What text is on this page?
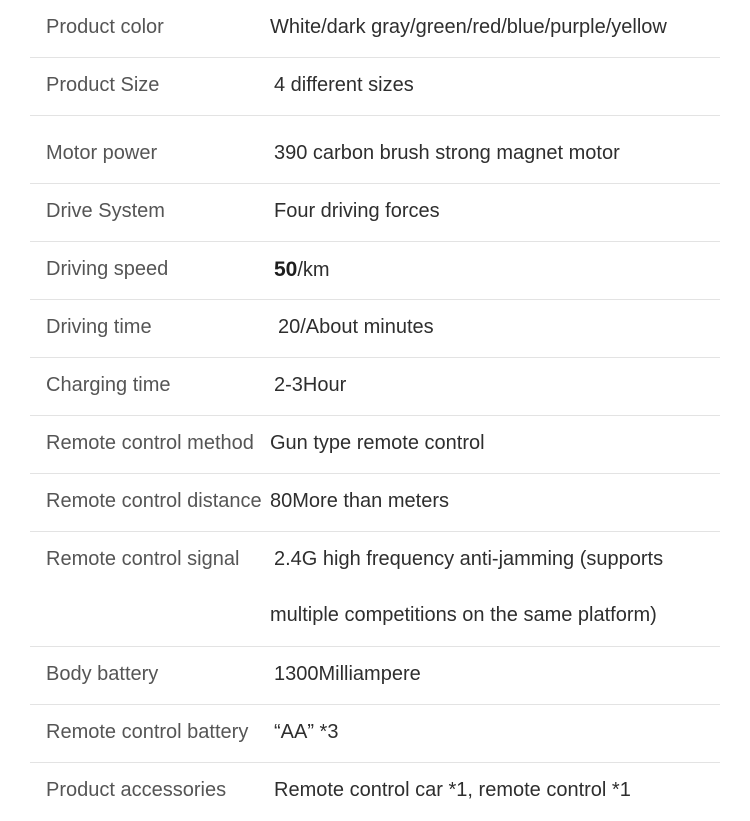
Product color	White/dark gray/green/red/blue/purple/yellow
Product Size	4 different sizes
Motor power	390 carbon brush strong magnet motor
Drive System	Four driving forces
Driving speed	50/km
Driving time	20/About minutes
Charging time	2-3Hour
Remote control method Gun type remote control
Remote control distance 80More than meters
Remote control signal	2.4G high frequency anti-jamming (supports
multiple competitions on the same platform)
Body battery	1300Milliampere
Remote control battery	“AA” *3
Product accessories	Remote control car *1, remote control *1
